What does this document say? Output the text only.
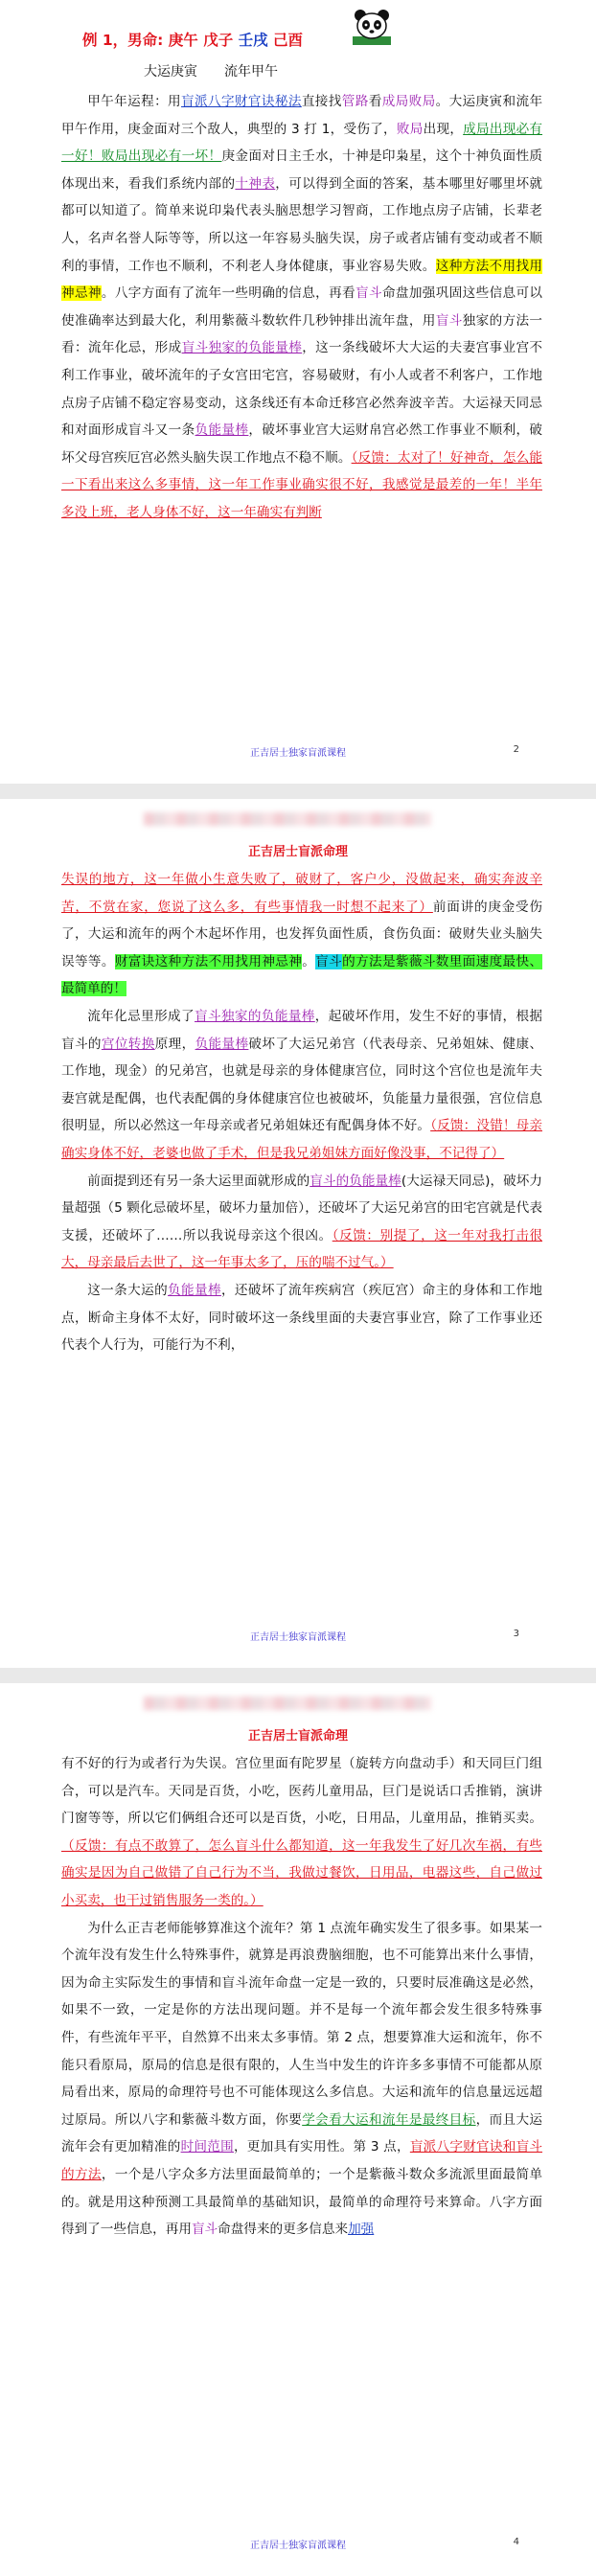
例 1，男命: 庚午 戊子 壬戌 己酉
大运庚寅　　流年甲午

甲午年运程：用盲派八字财官诀秘法直接找管路看成局败局。大运庚寅和流年甲午作用，庚金面对三个敌人，典型的 3 打 1，受伤了，败局出现，成局出现必有一好！败局出现必有一坏！庚金面对日主壬水，十神是印枭星，这个十神负面性质体现出来，看我们系统内部的十神表，可以得到全面的答案，基本哪里好哪里坏就都可以知道了。简单来说印枭代表头脑思想学习智商，工作地点房子店铺，长辈老人，名声名誉人际等等，所以这一年容易头脑失误，房子或者店铺有变动或者不顺利的事情，工作也不顺利，不利老人身体健康，事业容易失败。这种方法不用找用神忌神。八字方面有了流年一些明确的信息，再看盲斗命盘加强巩固这些信息可以使准确率达到最大化，利用紫薇斗数软件几秒钟排出流年盘，用盲斗独家的方法一看：流年化忌，形成盲斗独家的负能量棒，这一条线破坏大大运的夫妻宫事业宫不利工作事业，破坏流年的子女宫田宅宫，容易破财，有小人或者不利客户，工作地点房子店铺不稳定容易变动，这条线还有本命迁移宫必然奔波辛苦。大运禄天同忌和对面形成盲斗又一条负能量棒，破坏事业宫大运财帛宫必然工作事业不顺利，破坏父母宫疾厄宫必然头脑失误工作地点不稳不顺。（反馈：太对了！好神奇，怎么能一下看出来这么多事情，这一年工作事业确实很不好，我感觉是最差的一年！半年多没上班，老人身体不好，这一年确实有判断

正吉居士独家盲派课程	2
正吉居士盲派命理

失误的地方，这一年做小生意失败了，破财了，客户少，没做起来，确实奔波辛苦，不赏在家，您说了这么多，有些事情我一时想不起来了）前面讲的庚金受伤了，大运和流年的两个木起坏作用，也发挥负面性质，食伤负面：破财失业头脑失误等等。财富诀这种方法不用找用神忌神。盲斗的方法是紫薇斗数里面速度最快、最简单的！

流年化忌里形成了盲斗独家的负能量棒，起破坏作用，发生不好的事情，根据盲斗的宫位转换原理，负能量棒破坏了大运兄弟宫（代表母亲、兄弟姐妹、健康、工作地，现金）的兄弟宫，也就是母亲的身体健康宫位，同时这个宫位也是流年夫妻宫就是配偶，也代表配偶的身体健康宫位也被破坏，负能量力量很强，宫位信息很明显，所以必然这一年母亲或者兄弟姐妹还有配偶身体不好。（反馈：没错！母亲确实身体不好，老婆也做了手术，但是我兄弟姐妹方面好像没事，不记得了）

前面提到还有另一条大运里面就形成的盲斗的负能量棒(大运禄天同忌)，破坏力量超强（5 颗化忌破坏星，破坏力量加倍），还破坏了大运兄弟宫的田宅宫就是代表支援，还破坏了……所以我说母亲这个很凶。（反馈：别提了，这一年对我打击很大，母亲最后去世了，这一年事太多了，压的喘不过气。）

这一条大运的负能量棒，还破坏了流年疾病宫（疾厄宫）命主的身体和工作地点，断命主身体不太好，同时破坏这一条线里面的夫妻宫事业宫，除了工作事业还代表个人行为，可能行为不利，

正吉居士独家盲派课程	3
正吉居士盲派命理

有不好的行为或者行为失误。宫位里面有陀罗星（旋转方向盘动手）和天同巨门组合，可以是汽车。天同是百货，小吃，医药儿童用品，巨门是说话口舌推销，演讲门窗等等，所以它们俩组合还可以是百货，小吃，日用品，儿童用品，推销买卖。（反馈：有点不敢算了，怎么盲斗什么都知道，这一年我发生了好几次车祸，有些确实是因为自己做错了自己行为不当，我做过餐饮，日用品，电器这些，自己做过小买卖，也干过销售服务一类的。）

为什么正吉老师能够算准这个流年？第 1 点流年确实发生了很多事。如果某一个流年没有发生什么特殊事件，就算是再浪费脑细胞，也不可能算出来什么事情，因为命主实际发生的事情和盲斗流年命盘一定是一致的，只要时辰准确这是必然，如果不一致，一定是你的方法出现问题。并不是每一个流年都会发生很多特殊事件，有些流年平平，自然算不出来太多事情。第 2 点，想要算准大运和流年，你不能只看原局，原局的信息是很有限的，人生当中发生的许许多多事情不可能都从原局看出来，原局的命理符号也不可能体现这么多信息。大运和流年的信息量远远超过原局。所以八字和紫薇斗数方面，你要学会看大运和流年是最终目标，而且大运流年会有更加精准的时间范围，更加具有实用性。第 3 点，盲派八字财官诀和盲斗的方法，一个是八字众多方法里面最简单的；一个是紫薇斗数众多流派里面最简单的。就是用这种预测工具最简单的基础知识，最简单的命理符号来算命。八字方面得到了一些信息，再用盲斗命盘得来的更多信息来加强

正吉居士独家盲派课程	4
